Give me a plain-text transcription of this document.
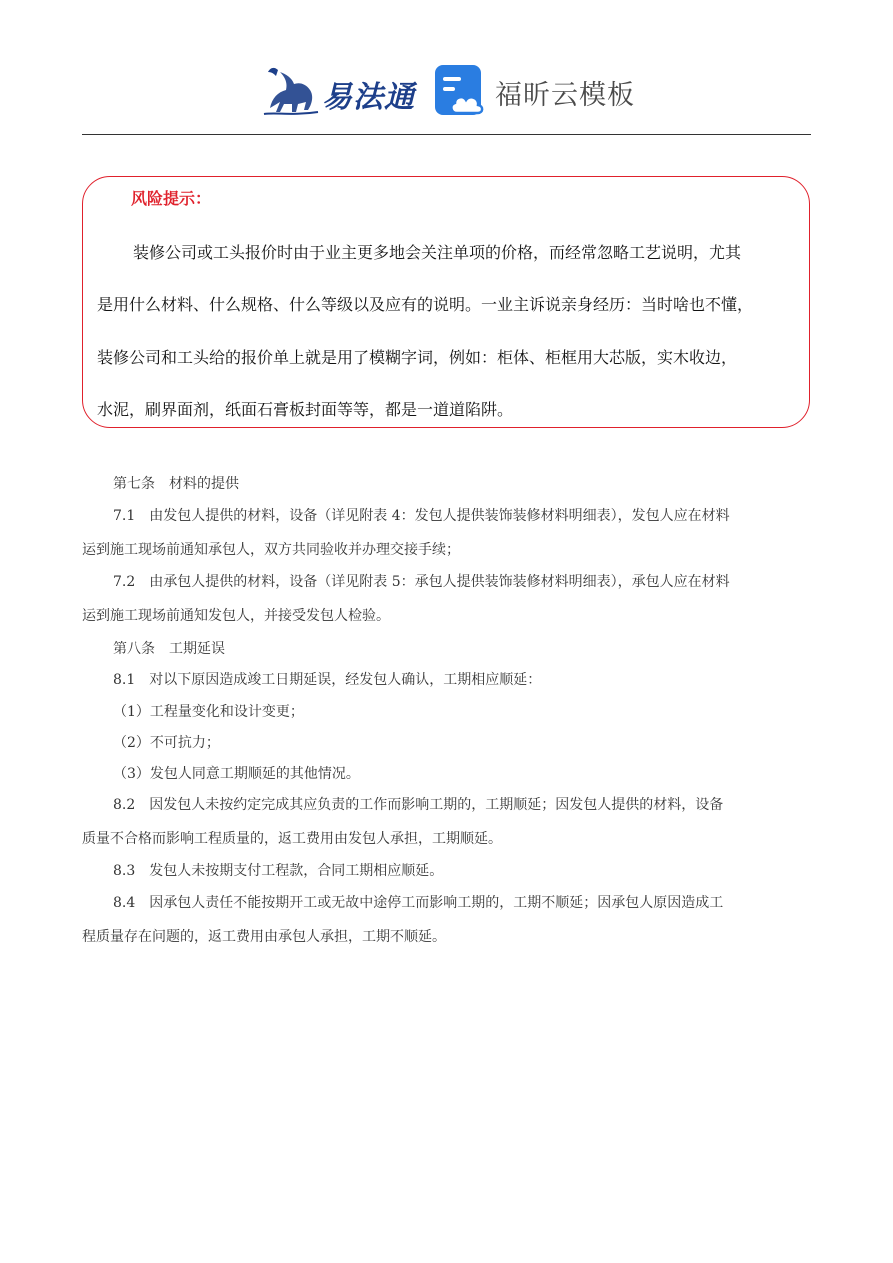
易法通	福昕云模板
风险提示：
装修公司或工头报价时由于业主更多地会关注单项的价格，而经常忽略工艺说明，尤其
是用什么材料、什么规格、什么等级以及应有的说明。一业主诉说亲身经历：当时啥也不懂，
装修公司和工头给的报价单上就是用了模糊字词，例如：柜体、柜框用大芯版，实木收边，
水泥，刷界面剂，纸面石膏板封面等等，都是一道道陷阱。
第七条　材料的提供
7.1　由发包人提供的材料，设备（详见附表 4：发包人提供装饰装修材料明细表），发包人应在材料
运到施工现场前通知承包人，双方共同验收并办理交接手续；
7.2　由承包人提供的材料，设备（详见附表 5：承包人提供装饰装修材料明细表），承包人应在材料
运到施工现场前通知发包人，并接受发包人检验。
第八条　工期延误
8.1　对以下原因造成竣工日期延误，经发包人确认，工期相应顺延：
（1）工程量变化和设计变更；
（2）不可抗力；
（3）发包人同意工期顺延的其他情况。
8.2　因发包人未按约定完成其应负责的工作而影响工期的，工期顺延；因发包人提供的材料，设备
质量不合格而影响工程质量的，返工费用由发包人承担，工期顺延。
8.3　发包人未按期支付工程款，合同工期相应顺延。
8.4　因承包人责任不能按期开工或无故中途停工而影响工期的，工期不顺延；因承包人原因造成工
程质量存在问题的，返工费用由承包人承担，工期不顺延。
